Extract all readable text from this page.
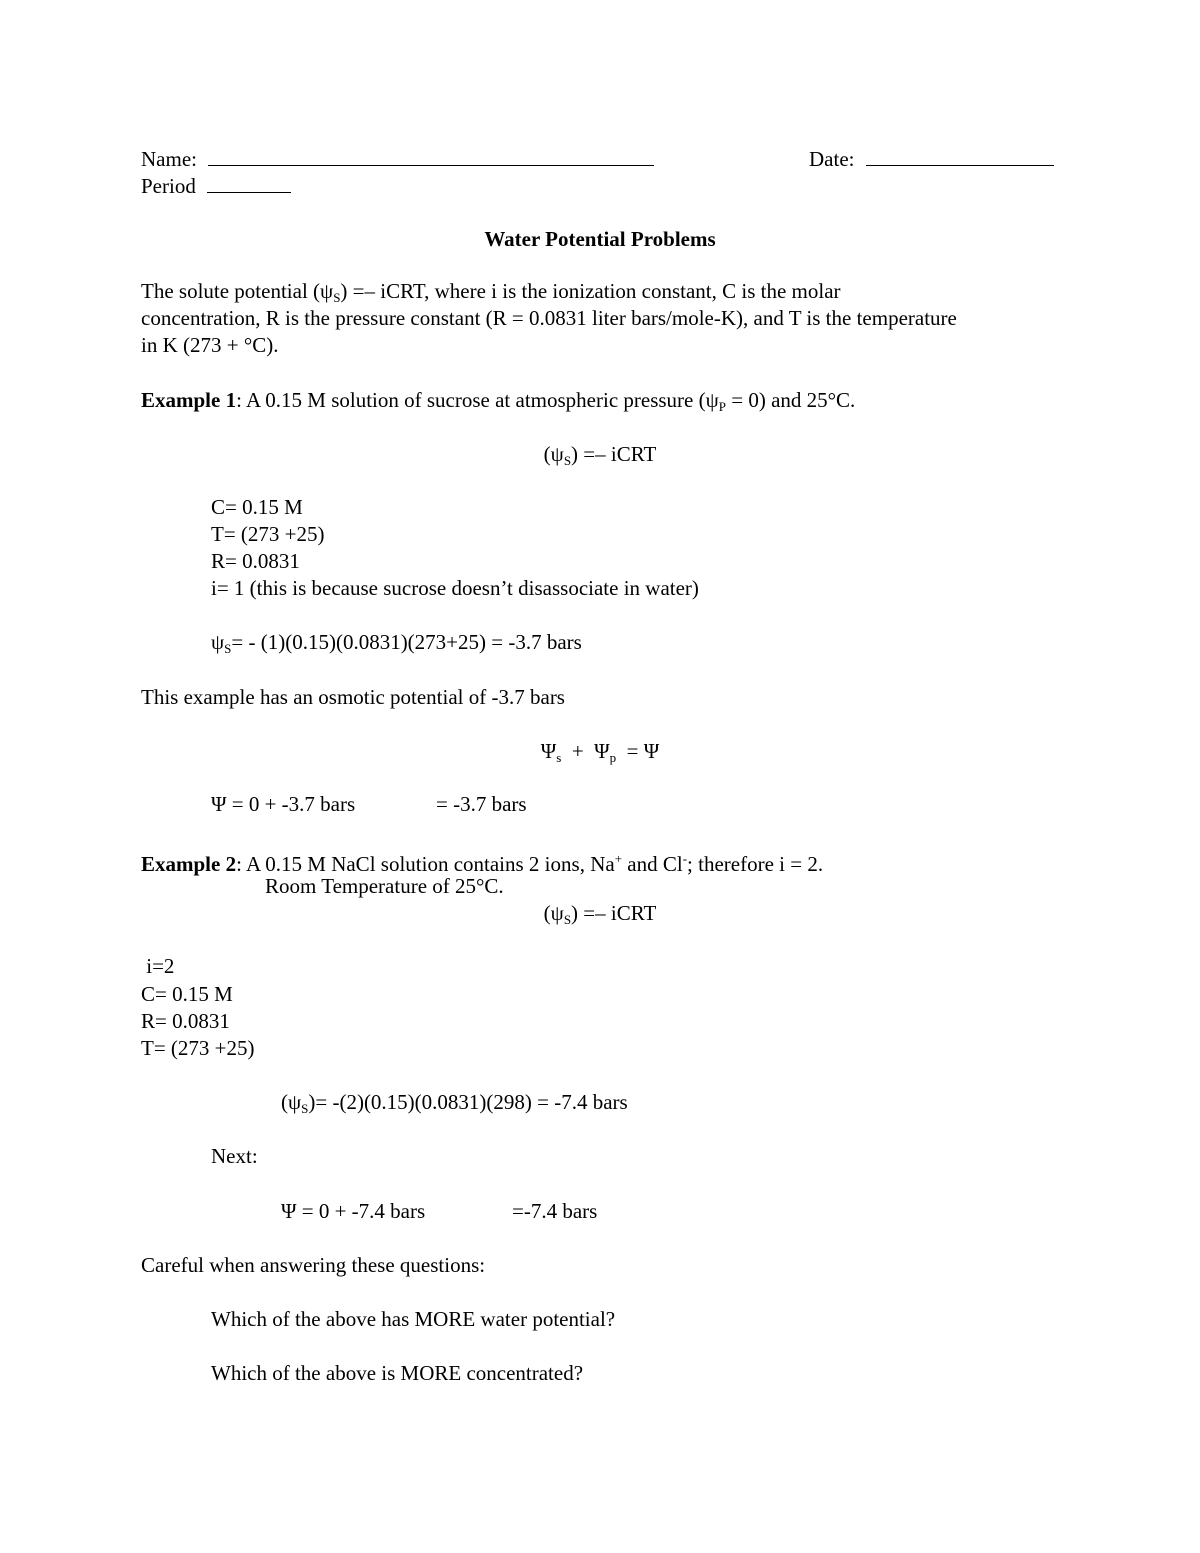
Name:	Date:
Period
Water Potential Problems
The solute potential $(\psi_S)$ =– iCRT, where i is the ionization constant, C is the molar
concentration, R is the pressure constant (R = 0.0831 liter bars/mole-K), and T is the temperature
in K (273 + °C).
Example 1: A 0.15 M solution of sucrose at atmospheric pressure $(\psi_P = 0)$ and 25°C.
$(\psi_S)$ =– iCRT
C= 0.15 M
T= (273 +25)
R= 0.0831
i= 1 (this is because sucrose doesn’t disassociate in water)
$\psi_S= - (1)(0.15)(0.0831)(273+25) = -3.7$ bars
This example has an osmotic potential of -3.7 bars
$\Psi_s + \Psi_p = \Psi$
Ψ = 0 + -3.7 bars	= -3.7 bars
Example 2: A 0.15 M NaCl solution contains 2 ions, Na+ and Cl-; therefore i = 2.
Room Temperature of 25°C.
$(\psi_S)$ =– iCRT
i=2
C= 0.15 M
R= 0.0831
T= (273 +25)
$(\psi_S)= -(2)(0.15)(0.0831)(298) = -7.4$ bars
Next:
Ψ = 0 + -7.4 bars	=-7.4 bars
Careful when answering these questions:
Which of the above has MORE water potential?
Which of the above is MORE concentrated?
